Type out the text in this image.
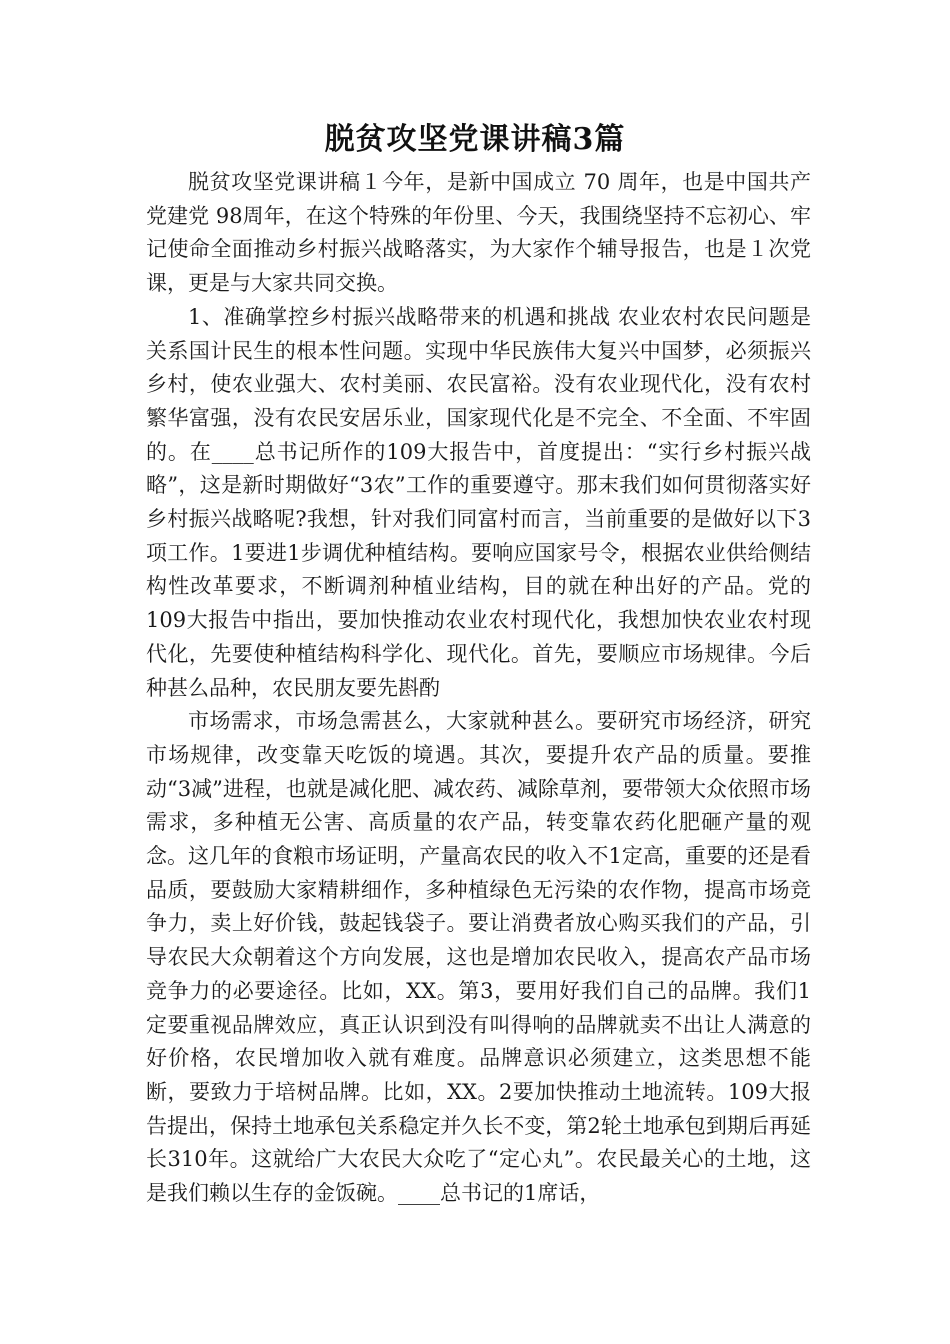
脱贫攻坚党课讲稿3篇

脱贫攻坚党课讲稿１今年，是新中国成立 70 周年，也是中国共产党建党 98周年，在这个特殊的年份里、今天，我围绕坚持不忘初心、牢记使命全面推动乡村振兴战略落实，为大家作个辅导报告，也是１次党课，更是与大家共同交换。

1、准确掌控乡村振兴战略带来的机遇和挑战 农业农村农民问题是关系国计民生的根本性问题。实现中华民族伟大复兴中国梦，必须振兴乡村，使农业强大、农村美丽、农民富裕。没有农业现代化，没有农村繁华富强，没有农民安居乐业，国家现代化是不完全、不全面、不牢固的。在____总书记所作的109大报告中，首度提出：“实行乡村振兴战略”，这是新时期做好“3农”工作的重要遵守。那末我们如何贯彻落实好乡村振兴战略呢?我想，针对我们同富村而言，当前重要的是做好以下3项工作。1要进1步调优种植结构。要响应国家号令，根据农业供给侧结构性改革要求，不断调剂种植业结构，目的就在种出好的产品。党的109大报告中指出，要加快推动农业农村现代化，我想加快农业农村现代化，先要使种植结构科学化、现代化。首先，要顺应市场规律。今后种甚么品种，农民朋友要先斟酌

市场需求，市场急需甚么，大家就种甚么。要研究市场经济，研究市场规律，改变靠天吃饭的境遇。其次，要提升农产品的质量。要推动“3减”进程，也就是减化肥、减农药、减除草剂，要带领大众依照市场需求，多种植无公害、高质量的农产品，转变靠农药化肥砸产量的观念。这几年的食粮市场证明，产量高农民的收入不1定高，重要的还是看品质，要鼓励大家精耕细作，多种植绿色无污染的农作物，提高市场竞争力，卖上好价钱，鼓起钱袋子。要让消费者放心购买我们的产品，引导农民大众朝着这个方向发展，这也是增加农民收入，提高农产品市场竞争力的必要途径。比如，XX。第3，要用好我们自己的品牌。我们1定要重视品牌效应，真正认识到没有叫得响的品牌就卖不出让人满意的好价格，农民增加收入就有难度。品牌意识必须建立，这类思想不能断，要致力于培树品牌。比如，XX。2要加快推动土地流转。109大报告提出，保持土地承包关系稳定并久长不变，第2轮土地承包到期后再延长310年。这就给广大农民大众吃了“定心丸”。农民最关心的土地，这是我们赖以生存的金饭碗。____总书记的1席话，
